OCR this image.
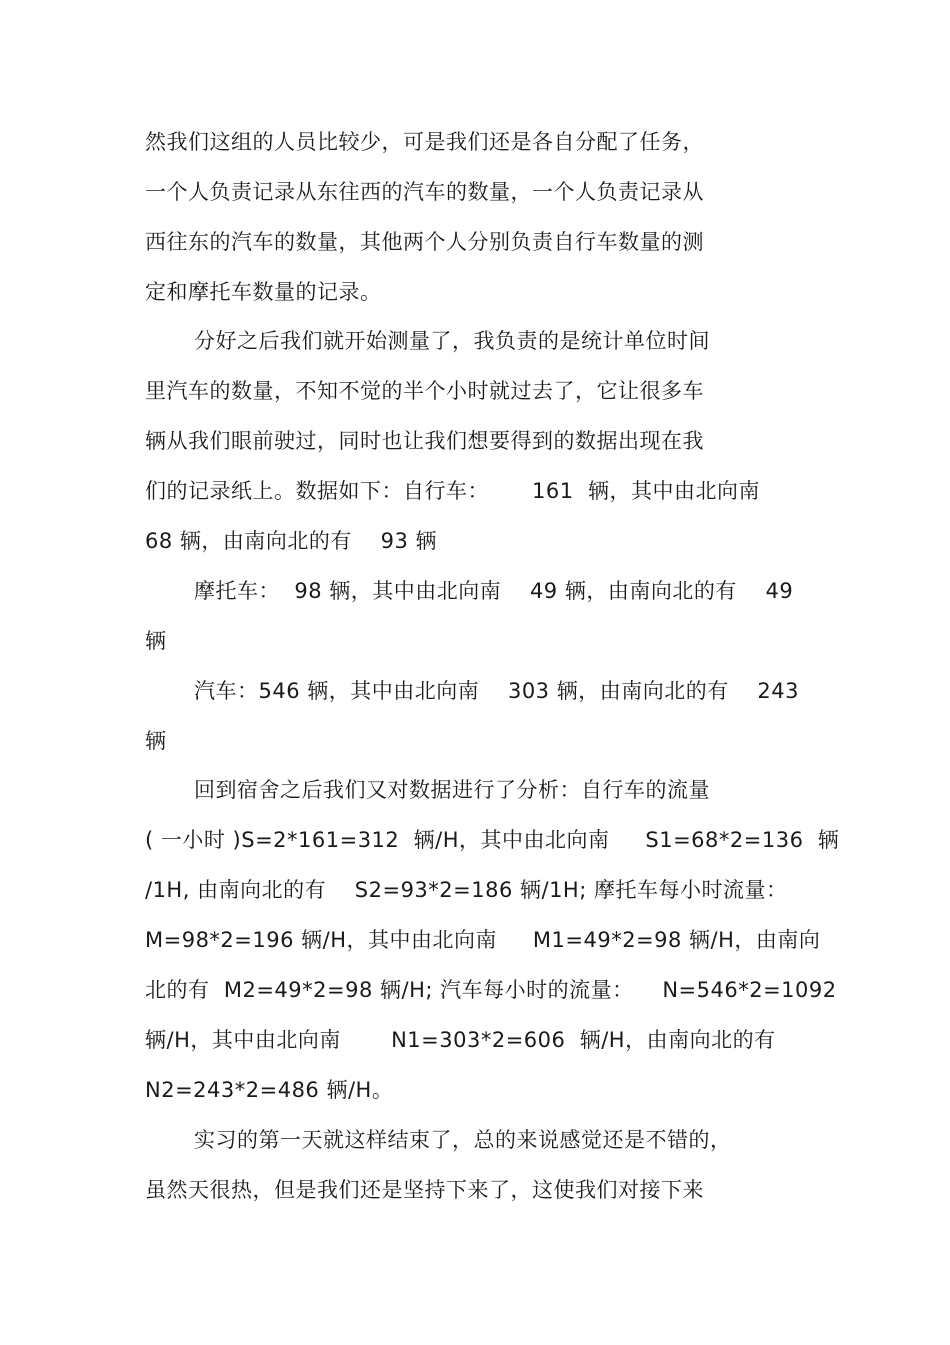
然我们这组的人员比较少，可是我们还是各自分配了任务，
一个人负责记录从东往西的汽车的数量，一个人负责记录从
西往东的汽车的数量，其他两个人分别负责自行车数量的测
定和摩托车数量的记录。
分好之后我们就开始测量了，我负责的是统计单位时间
里汽车的数量，不知不觉的半个小时就过去了，它让很多车
辆从我们眼前驶过，同时也让我们想要得到的数据出现在我
们的记录纸上。数据如下：自行车：      161  辆，其中由北向南
68 辆，由南向北的有    93 辆
摩托车：  98 辆，其中由北向南    49 辆，由南向北的有    49
辆
汽车：546 辆，其中由北向南    303 辆，由南向北的有    243
辆
回到宿舍之后我们又对数据进行了分析：自行车的流量
( 一小时 )S=2*161=312  辆/H，其中由北向南     S1=68*2=136  辆
/1H, 由南向北的有    S2=93*2=186 辆/1H; 摩托车每小时流量：
M=98*2=196 辆/H，其中由北向南     M1=49*2=98 辆/H，由南向
北的有  M2=49*2=98 辆/H; 汽车每小时的流量：    N=546*2=1092
辆/H，其中由北向南       N1=303*2=606  辆/H，由南向北的有
N2=243*2=486 辆/H。
实习的第一天就这样结束了，总的来说感觉还是不错的，
虽然天很热，但是我们还是坚持下来了，这使我们对接下来
